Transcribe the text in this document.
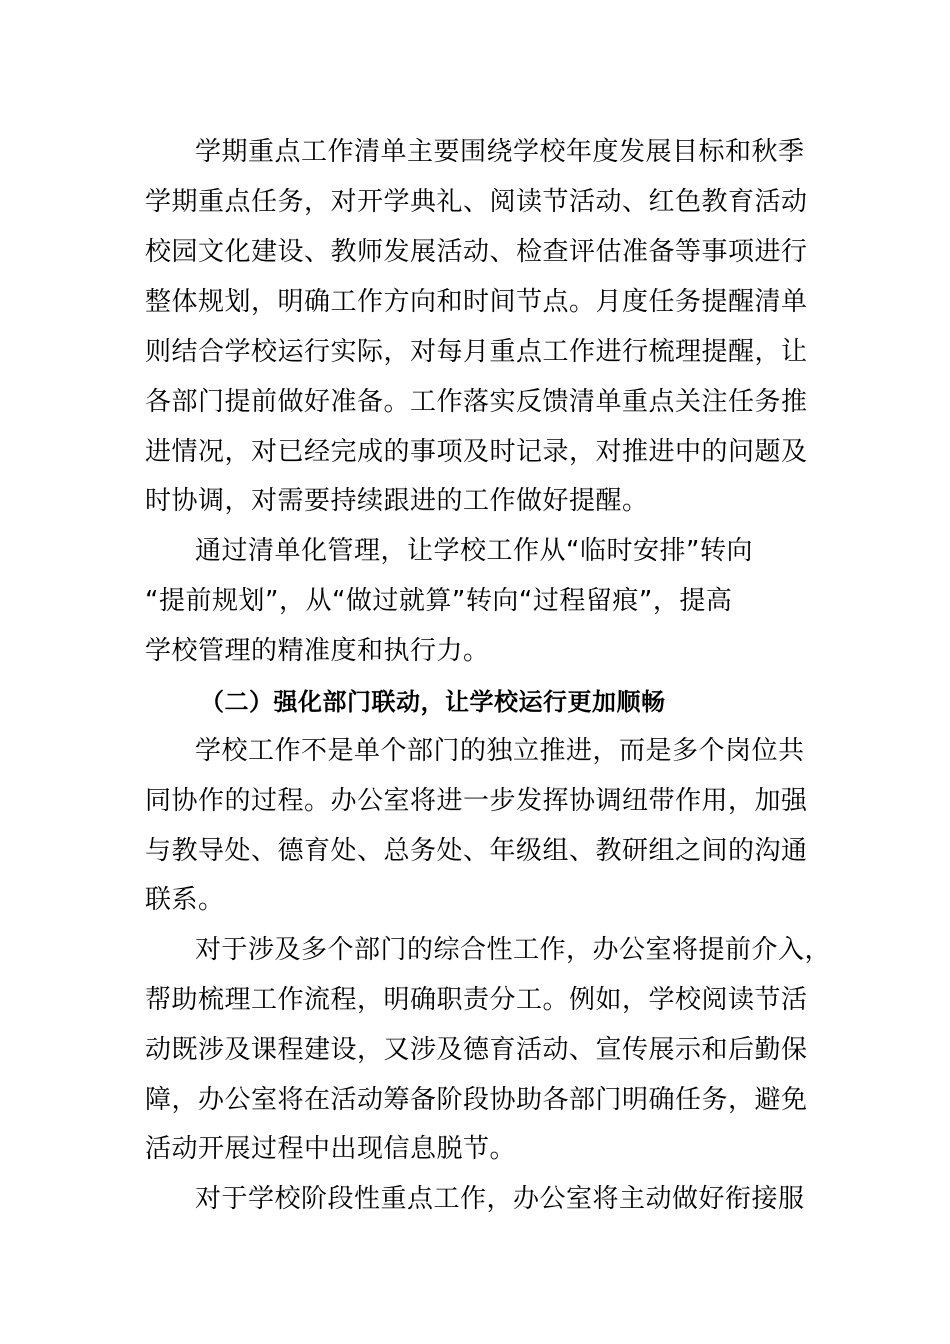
学期重点工作清单主要围绕学校年度发展目标和秋季

学期重点任务，对开学典礼、阅读节活动、红色教育活动

校园文化建设、教师发展活动、检查评估准备等事项进行

整体规划，明确工作方向和时间节点。月度任务提醒清单

则结合学校运行实际，对每月重点工作进行梳理提醒，让

各部门提前做好准备。工作落实反馈清单重点关注任务推

进情况，对已经完成的事项及时记录，对推进中的问题及

时协调，对需要持续跟进的工作做好提醒。

通过清单化管理，让学校工作从“临时安排”转向

“提前规划”，从“做过就算”转向“过程留痕”，提高

学校管理的精准度和执行力。

（二）强化部门联动，让学校运行更加顺畅

学校工作不是单个部门的独立推进，而是多个岗位共

同协作的过程。办公室将进一步发挥协调纽带作用，加强

与教导处、德育处、总务处、年级组、教研组之间的沟通

联系。

对于涉及多个部门的综合性工作，办公室将提前介入，

帮助梳理工作流程，明确职责分工。例如，学校阅读节活

动既涉及课程建设，又涉及德育活动、宣传展示和后勤保

障，办公室将在活动筹备阶段协助各部门明确任务，避免

活动开展过程中出现信息脱节。

对于学校阶段性重点工作，办公室将主动做好衔接服
